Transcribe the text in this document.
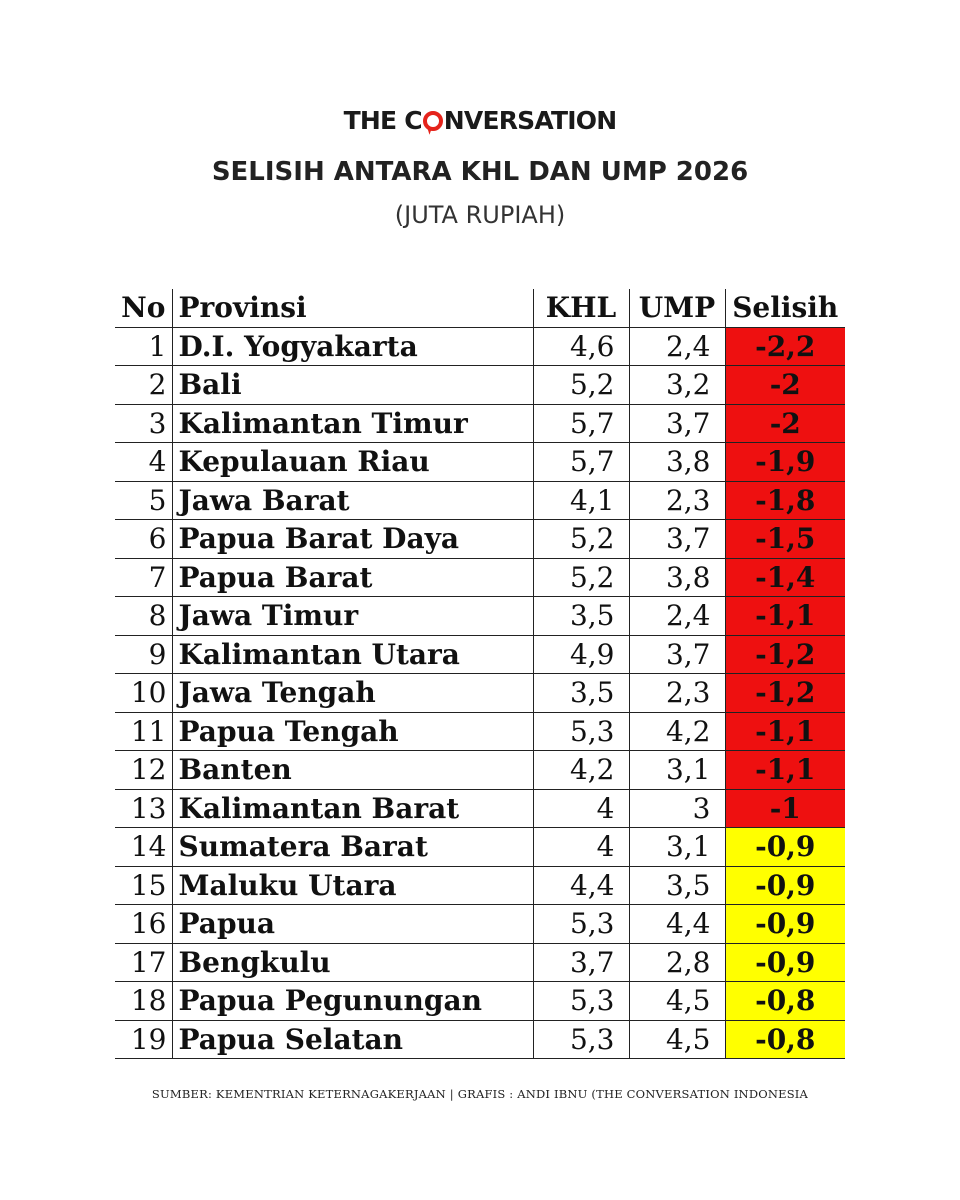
THE C NVERSATION
SELISIH ANTARA KHL DAN UMP 2026
(JUTA RUPIAH)
No	Provinsi	KHL	UMP	Selisih
1	D.I. Yogyakarta	4,6	2,4	-2,2
2	Bali	5,2	3,2	-2
3	Kalimantan Timur	5,7	3,7	-2
4	Kepulauan Riau	5,7	3,8	-1,9
5	Jawa Barat	4,1	2,3	-1,8
6	Papua Barat Daya	5,2	3,7	-1,5
7	Papua Barat	5,2	3,8	-1,4
8	Jawa Timur	3,5	2,4	-1,1
9	Kalimantan Utara	4,9	3,7	-1,2
10	Jawa Tengah	3,5	2,3	-1,2
11	Papua Tengah	5,3	4,2	-1,1
12	Banten	4,2	3,1	-1,1
13	Kalimantan Barat	4	3	-1
14	Sumatera Barat	4	3,1	-0,9
15	Maluku Utara	4,4	3,5	-0,9
16	Papua	5,3	4,4	-0,9
17	Bengkulu	3,7	2,8	-0,9
18	Papua Pegunungan	5,3	4,5	-0,8
19	Papua Selatan	5,3	4,5	-0,8
SUMBER: KEMENTRIAN KETERNAGAKERJAAN | GRAFIS : ANDI IBNU (THE CONVERSATION INDONESIA
